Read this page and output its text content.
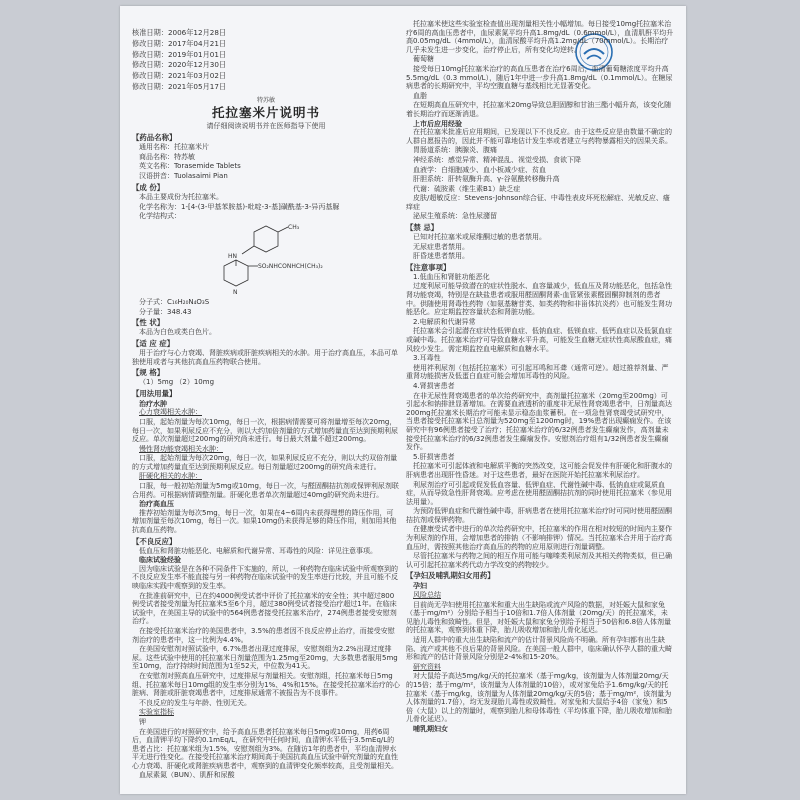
核准日期：2006年12月28日
修改日期：2017年04月21日
修改日期：2019年01月01日
修改日期：2020年12月30日
修改日期：2021年03月02日
修改日期：2021年05月17日
特苏敏
托拉塞米片说明书
请仔细阅读说明书并在医师指导下使用
【药品名称】
通用名称：托拉塞米片
商品名称：特苏敏
英文名称：Torasemide Tablets
汉语拼音：Tuolasaimi Pian
【成 份】
本品主要成份为托拉塞米。
化学名称为：1-[4-(3-甲基苯胺基)-吡啶-3-基]磺酰基-3-异丙基脲
化学结构式：
CH₃
HN
SO₂NHCONHCH(CH₃)₂
N
分子式：C₁₆H₂₀N₄O₃S
分子量：348.43
【性 状】
本品为白色或类白色片。
【适 应 症】
用于治疗与心力衰竭、肾脏疾病或肝脏疾病相关的水肿。用于治疗高血压，本品可单独使用或者与其他抗高血压药物联合使用。
【规 格】
（1）5mg （2）10mg
【用法用量】
治疗水肿
心力衰竭相关水肿：
口服，起始剂量为每次10mg，每日一次，根据病情需要可将剂量增至每次20mg，每日一次，如果利尿反应不充分，则以大约加倍剂量的方式增加药量直至达到预期利尿反应。单次剂量超过200mg的研究尚未进行。每日最大剂量不超过200mg。
慢性肾功能衰竭相关水肿：
口服，起始剂量为每次20mg，每日一次，如果利尿反应不充分，则以大约双倍剂量的方式增加药量直至达到预期利尿反应。每日剂量超过200mg的研究尚未进行。
肝硬化相关的水肿：
口服，每一般初始剂量为5mg或10mg，每日一次，与醛固酮拮抗剂或保钾利尿剂联合用药。可根据病情调整剂量。肝硬化患者单次剂量超过40mg的研究尚未进行。
治疗高血压
推荐初始剂量为每次5mg，每日一次，如果在4~6周内未获得理想的降压作用，可增加剂量至每次10mg，每日一次。如果10mg仍未获得足够的降压作用，则加用其他抗高血压药物。
【不良反应】
低血压和肾脏功能恶化、电解质和代谢异常、耳毒性的风险：详见注意事项。
临床试验经验
因为临床试验是在各种不同条件下实施的，所以，一种药物在临床试验中所观察到的不良反应发生率不能直接与另一种药物在临床试验中的发生率进行比较，并且可能不反映临床实践中观察到的发生率。
在批准前研究中，已在约4000例受试者中评价了托拉塞米的安全性；其中超过800例受试者接受剂量为托拉塞米5至6个月，超过380例受试者接受治疗超过1年。在临床试验中，在美国主导的试验中的564例患者接受托拉塞米治疗，274例患者接受安慰剂治疗。
在接受托拉塞米治疗的美国患者中，3.5%的患者因不良反应停止治疗，而接受安慰剂治疗的患者中，这一比例为4.4%。
在美国安慰剂对照试验中，6.7%患者出现过度排尿，安慰剂组为2.2%出现过度排尿。这些试验中使用的托拉塞米日剂量范围为1.25mg至20mg，大多数患者服用5mg至10mg，治疗持续时间范围为1至52天，中位数为41天。
在安慰剂对照高血压研究中，过度排尿与剂量相关。安慰剂组，托拉塞米每日5mg组、托拉塞米每日10mg组的发生率分别为1%、4%和15%。在接受托拉塞米治疗的心脏病、肾脏或肝脏衰竭患者中，过度排尿通常不被报告为不良事件。
不良反应的发生与年龄、性别无关。
实验室指标
钾
在美国进行的对照研究中，给予高血压患者托拉塞米每日5mg或10mg，用药6周后，血清钾平均下降约0.1mEq/L，在研究中任何时间，血清钾水平低于3.5mEq/L的患者占比：托拉塞米组为1.5%，安慰剂组为3%。在随访1年的患者中，平均血清钾水平无进行性变化。在接受托拉塞米治疗期间高于美国抗高血压试验中研究剂量的充血性心力衰竭、肝硬化或肾脏疾病患者中，观察到的血清钾变化频率较高，且受剂量相关。
血尿素氮（BUN）、肌酐和尿酸
托拉塞米使这些实验室检查值出现剂量相关性小幅增加。每日接受10mg托拉塞米治疗6周的高血压患者中，血尿素氮平均升高1.8mg/dL（0.6mmol/L），血清肌酐平均升高0.05mg/dL（4mmol/L），血清尿酸平均升高1.2mg/dL（70mmol/L）。长期治疗几乎未发生进一步变化，治疗停止后，所有变化均逆转。
葡萄糖
接受每日10mg托拉塞米治疗的高血压患者在治疗6周后，血清葡萄糖浓度平均升高5.5mg/dL（0.3 mmol/L），随后1年中进一步升高1.8mg/dL（0.1mmol/L）。在糖尿病患者的长期研究中，平均空腹血糖与基线相比无显著变化。
血脂
在短期高血压研究中，托拉塞米20mg导致总胆固醇和甘油三酯小幅升高，该变化随着长期治疗而逐渐消退。
上市后应用经验
在托拉塞米批准后应用期间，已发现以下不良反应。由于这些反应是由数量不确定的人群自愿报告的，因此并不能可靠地估计发生率或者建立与药物暴露相关的因果关系。
胃肠道系统：胰腺炎、腹痛
神经系统：感觉异常、精神混乱、视觉受损、食欲下降
血液学：白细胞减少、血小板减少症、贫血
肝胆系统：肝转氨酶升高、γ-谷氨酰转移酶升高
代谢：硫胺素（维生素B1）缺乏症
皮肤/超敏反应：Stevens-Johnson综合征、中毒性表皮坏死松解症、光敏反应、瘙痒症
泌尿生殖系统：急性尿潴留
【禁 忌】
已知对托拉塞米或尿维酮过敏的患者禁用。
无尿症患者禁用。
肝昏迷患者禁用。
【注意事项】
1.低血压和肾脏功能恶化
过度利尿可能导致潜在的症状性脱水、血容量减少，低血压及肾功能恶化，包括急性肾功能衰竭，特别是在缺盐患者或服用醛固酮肾素-血管紧张素醛固酮抑制剂的患者中。供随使用肾毒性药物（如氨基糖苷类、如类药物和非甾体抗炎药）也可能发生肾功能恶化。应定期监控容量状态和肾脏功能。
2.电解质和代谢异常
托拉塞米会引起潜在症状性低钾血症、低钠血症、低镁血症、低钙血症以及低氯血症或碱中毒。托拉塞米治疗可导致血糖水平升高，可能发生血糖无症状性高尿酸血症，痛风较少发生。需定期监控血电解质和血糖水平。
3.耳毒性
使用袢利尿剂（包括托拉塞米）可引起耳鸣和耳聋（通常可逆）。超过推荐剂量、严重肾功能损害及低蛋白血症可能会增加耳毒性的风险。
4.肾损害患者
在非无尿性肾衰竭患者的单次给药研究中，高剂量托拉塞米（20mg至200mg）可引起水和钠排泄显著增加。在需要血液透析的重度非无尿性肾衰竭患者中，日剂量高达200mg托拉塞米长期治疗可能未显示稳态血浆蓄积。在一项急性肾衰竭受试研究中，当患者接受托拉塞米日总剂量为520mg至1200mg时，19%患者出现癫痫发作。在该研究中有96例患者接受了治疗；托拉塞米治疗的6/32例患者发生癫痫发作，高剂量未接受托拉塞米治疗的6/32例患者发生癫痫发作。安慰剂治疗组有1/32例患者发生癫痫发作。
5.肝损害患者
托拉塞米可引起体液和电解质平衡的突然改变，这可能会促发伴有肝硬化和肝腹水的肝病患者出现肝性昏迷。对于这些患者，最好在医院开始托拉塞米利尿治疗。
利尿剂治疗可引起或促发低血容量、低钾血症、代谢性碱中毒、低钠血症或氮质血症，从而导致急性肝肾衰竭。应考虑在使用醛固酮拮抗剂的同时使用托拉塞米（参见用法用量）。
为预防低钾血症和代谢性碱中毒，肝病患者在使用托拉塞米治疗时可同时使用醛固酮拮抗剂或保钾药物。
在健康受试者中进行的单次给药研究中，托拉塞米的作用在相对较短的时间内主要作为利尿剂的作用，会增加患者的排钠（不影响排钾）情况。当托拉塞米合并用于治疗高血压时，需按照其他治疗高血压的药物的应用原则进行剂量调整。
尽管托拉塞米与药物之间的相互作用可能与噻嗪类利尿剂及其相关药物类似，但已确认可引起托拉塞米药代动力学改变的药物较少。
【孕妇及哺乳期妇女用药】
孕妇
风险总结
目前尚无孕妇使用托拉塞米和重大出生缺陷或流产风险的数据，对妊娠大鼠和家兔（基于mg/m²）分别给予相当于10倍和1.7倍人体剂量（20mg/天）的托拉塞米，未见胎儿毒性和致畸性。但是，对妊娠大鼠和家兔分别给予相当于50倍和6.8倍人体剂量的托拉塞米，观察到体重下降，胎儿吸收增加和胎儿骨化延迟。
适用人群中的重大出生缺陷和流产的估计背景风险尚不明确。所有孕妇都有出生缺陷、流产或其他不良后果的背景风险。在美国一般人群中，临床确认怀孕人群的重大畸形和流产的估计背景风险分别是2-4%和15-20%。
研究资料
对大鼠给予高达5mg/kg/天的托拉塞米（基于mg/kg，该剂量为人体剂量20mg/天的15倍；基于mg/m²，该剂量为人体剂量的10倍），或对家兔给予1.6mg/kg/天的托拉塞米（基于mg/kg，该剂量为人体剂量20mg/kg/天的5倍；基于mg/m²，该剂量为人体剂量的1.7倍），均无发现胎儿毒性或致畸性。对家兔和大鼠给予4倍（家兔）和5倍（大鼠）以上的剂量时，观察到胎儿和母体毒性（平均体重下降，胎儿吸收增加和胎儿骨化延迟）。
哺乳期妇女
